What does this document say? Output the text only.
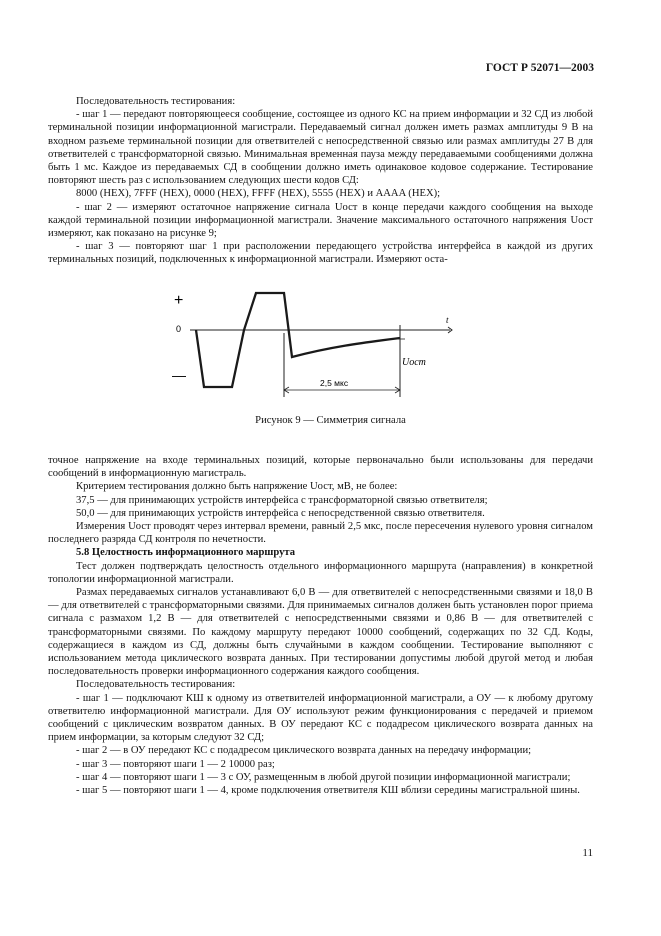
ГОСТ Р 52071—2003

Последовательность тестирования:

- шаг 1 — передают повторяющееся сообщение, состоящее из одного КС на прием информации и 32 СД из любой терминальной позиции информационной магистрали. Передаваемый сигнал должен иметь размах амплитуды 9 В на входном разъеме терминальной позиции для ответвителей с непосредственной связью или размах амплитуды 27 В для ответвителей с трансформаторной связью. Минимальная временна́я пауза между передаваемыми сообщениями должна быть 1 мс. Каждое из передаваемых СД в сообщении должно иметь одинаковое кодовое содержание. Тестирование повторяют шесть раз с использованием следующих шести кодов СД:

8000 (HEX), 7FFF (HEX), 0000 (HEX), FFFF (HEX), 5555 (HEX) и AAAA (HEX);

- шаг 2 — измеряют остаточное напряжение сигнала Uост в конце передачи каждого сообщения на выходе каждой терминальной позиции информационной магистрали. Значение максимального остаточного напряжения Uост измеряют, как показано на рисунке 9;

- шаг 3 — повторяют шаг 1 при расположении передающего устройства интерфейса в каждой из других терминальных позиций, подключенных к информационной магистрали. Измеряют оста-

+
0
—
t
2,5 мкс
Uост
Рисунок 9 — Симметрия сигнала

точное напряжение на входе терминальных позиций, которые первоначально были использованы для передачи сообщений в информационную магистраль.

Критерием тестирования должно быть напряжение Uост, мВ, не более:

37,5 — для принимающих устройств интерфейса с трансформаторной связью ответвителя;

50,0 — для принимающих устройств интерфейса с непосредственной связью ответвителя.

Измерения Uост проводят через интервал времени, равный 2,5 мкс, после пересечения нулевого уровня сигналом последнего разряда СД контроля по нечетности.

5.8 Целостность информационного маршрута

Тест должен подтверждать целостность отдельного информационного маршрута (направления) в конкретной топологии информационной магистрали.

Размах передаваемых сигналов устанавливают 6,0 В — для ответвителей с непосредственными связями и 18,0 В — для ответвителей с трансформаторными связями. Для принимаемых сигналов должен быть установлен порог приема сигнала с размахом 1,2 В — для ответвителей с непосредственными связями и 0,86 В — для ответвителей с трансформаторными связями. По каждому маршруту передают 10000 сообщений, содержащих по 32 СД. Коды, содержащиеся в каждом из СД, должны быть случайными в каждом сообщении. Тестирование выполняют с использованием метода циклического возврата данных. При тестировании допустимы любой другой метод и любая последовательность проверки информационного содержания каждого сообщения.

Последовательность тестирования:

- шаг 1 — подключают КШ к одному из ответвителей информационной магистрали, а ОУ — к любому другому ответвителю информационной магистрали. Для ОУ используют режим функционирования с передачей и приемом сообщений с циклическим возвратом данных. В ОУ передают КС с подадресом циклического возврата данных на прием информации, за которым следуют 32 СД;

- шаг 2 — в ОУ передают КС с подадресом циклического возврата данных на передачу информации;

- шаг 3 — повторяют шаги 1 — 2 10000 раз;

- шаг 4 — повторяют шаги 1 — 3 с ОУ, размещенным в любой другой позиции информационной магистрали;

- шаг 5 — повторяют шаги 1 — 4, кроме подключения ответвителя КШ вблизи середины магистральной шины.

11
